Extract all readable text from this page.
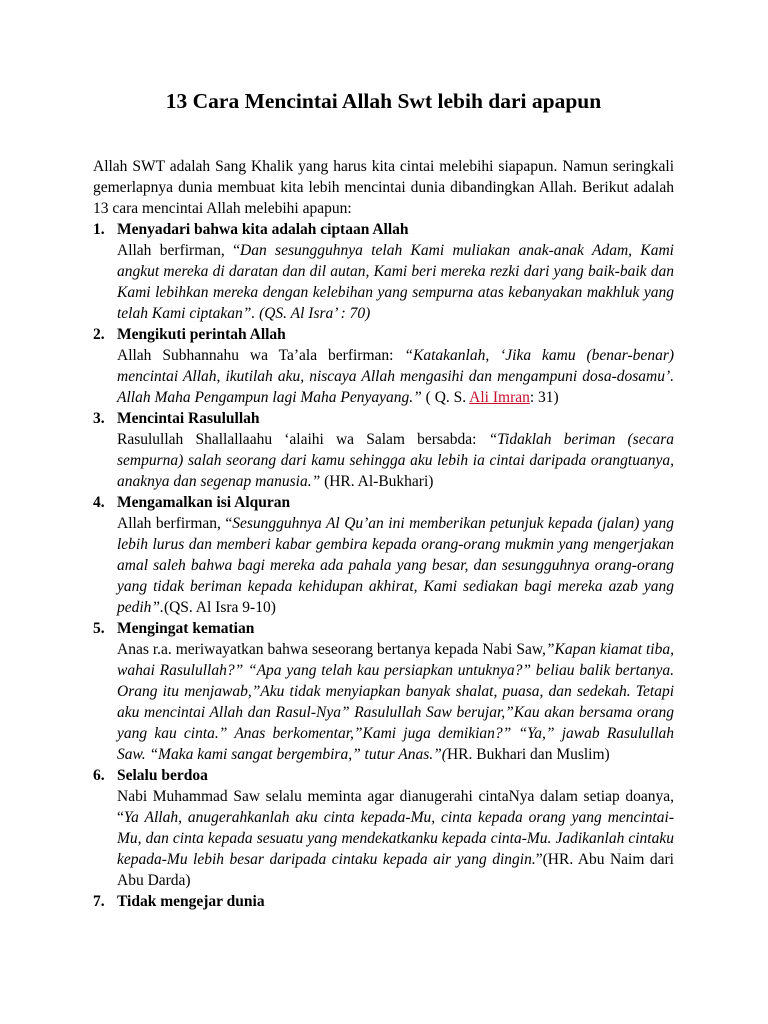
13 Cara Mencintai Allah Swt lebih dari apapun

Allah SWT adalah Sang Khalik yang harus kita cintai melebihi siapapun. Namun seringkali gemerlapnya dunia membuat kita lebih mencintai dunia dibandingkan Allah. Berikut adalah 13 cara mencintai Allah melebihi apapun:

1. Menyadari bahwa kita adalah ciptaan Allah
Allah berfirman, “Dan sesungguhnya telah Kami muliakan anak-anak Adam, Kami angkut mereka di daratan dan dil autan, Kami beri mereka rezki dari yang baik-baik dan Kami lebihkan mereka dengan kelebihan yang sempurna atas kebanyakan makhluk yang telah Kami ciptakan”. (QS. Al Isra’ : 70)
2. Mengikuti perintah Allah
Allah Subhannahu wa Ta’ala berfirman: “Katakanlah, ‘Jika kamu (benar-benar) mencintai Allah, ikutilah aku, niscaya Allah mengasihi dan mengampuni dosa-dosamu’. Allah Maha Pengampun lagi Maha Penyayang.” ( Q. S. Ali Imran: 31)
3. Mencintai Rasulullah
Rasulullah Shallallaahu ‘alaihi wa Salam bersabda: “Tidaklah beriman (secara sempurna) salah seorang dari kamu sehingga aku lebih ia cintai daripada orangtuanya, anaknya dan segenap manusia.” (HR. Al-Bukhari)
4. Mengamalkan isi Alquran
Allah berfirman, “Sesungguhnya Al Qu’an ini memberikan petunjuk kepada (jalan) yang lebih lurus dan memberi kabar gembira kepada orang-orang mukmin yang mengerjakan amal saleh bahwa bagi mereka ada pahala yang besar, dan sesungguhnya orang-orang yang tidak beriman kepada kehidupan akhirat, Kami sediakan bagi mereka azab yang pedih”.(QS. Al Isra 9-10)
5. Mengingat kematian
Anas r.a. meriwayatkan bahwa seseorang bertanya kepada Nabi Saw,”Kapan kiamat tiba, wahai Rasulullah?” “Apa yang telah kau persiapkan untuknya?” beliau balik bertanya. Orang itu menjawab,”Aku tidak menyiapkan banyak shalat, puasa, dan sedekah. Tetapi aku mencintai Allah dan Rasul-Nya” Rasulullah Saw berujar,”Kau akan bersama orang yang kau cinta.” Anas berkomentar,”Kami juga demikian?” “Ya,” jawab Rasulullah Saw. “Maka kami sangat bergembira,” tutur Anas.”(HR. Bukhari dan Muslim)
6. Selalu berdoa
Nabi Muhammad Saw selalu meminta agar dianugerahi cintaNya dalam setiap doanya, “Ya Allah, anugerahkanlah aku cinta kepada-Mu, cinta kepada orang yang mencintai-Mu, dan cinta kepada sesuatu yang mendekatkanku kepada cinta-Mu. Jadikanlah cintaku kepada-Mu lebih besar daripada cintaku kepada air yang dingin.”(HR. Abu Naim dari Abu Darda)
7. Tidak mengejar dunia
